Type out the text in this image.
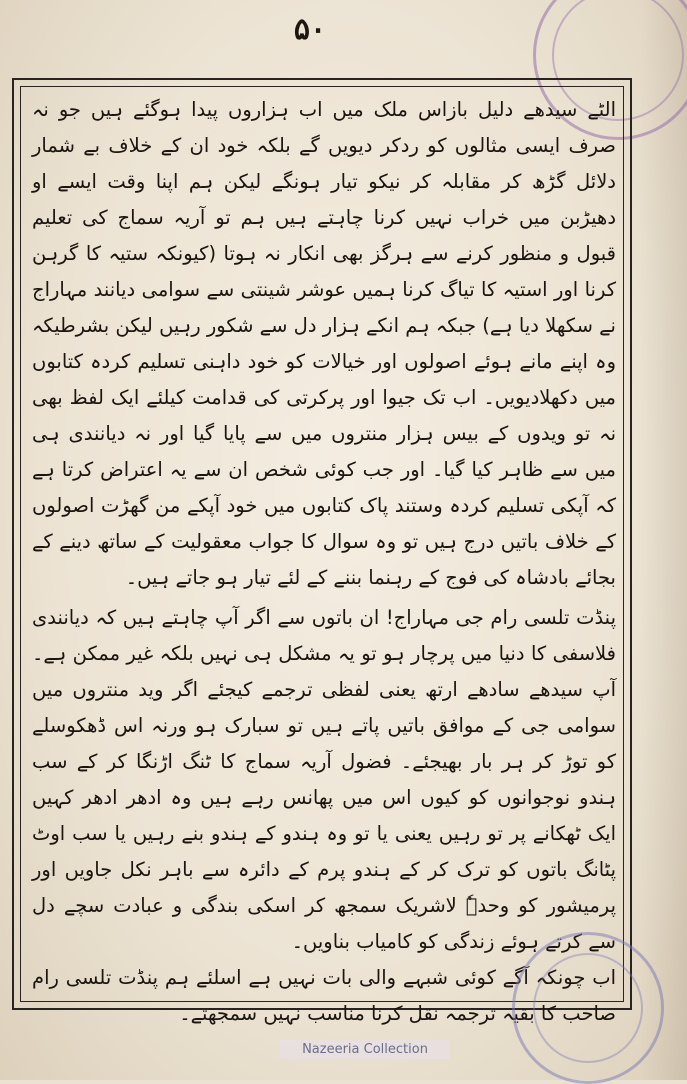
۵۰

الٹے سیدھے دلیل بازاس ملک میں اب ہزاروں پیدا ہوگئے ہیں جو نہ صرف ایسی مثالوں کو ردکر دیویں گے بلکہ خود ان کے خلاف بے شمار دلائل گڑھ کر مقابلہ کر نیکو تیار ہونگے لیکن ہم اپنا وقت ایسے او دھیڑبن میں خراب نہیں کرنا چاہتے ہیں ہم تو آریہ سماج کی تعلیم قبول و منظور کرنے سے ہرگز بھی انکار نہ ہوتا (کیونکہ ستیہ کا گرہن کرنا اور استیہ کا تیاگ کرنا ہمیں عوشر شینتی سے سوامی دیانند مہاراج نے سکھلا دیا ہے) جبکہ ہم انکے ہزار دل سے شکور رہیں لیکن بشرطیکہ وہ اپنے مانے ہوئے اصولوں اور خیالات کو خود داہنی تسلیم کردہ کتابوں میں دکھلادیویں۔ اب تک جیوا اور پرکرتی کی قدامت کیلئے ایک لفظ بھی نہ تو ویدوں کے بیس ہزار منتروں میں سے پایا گیا اور نہ دیانندی ہی میں سے ظاہر کیا گیا۔ اور جب کوئی شخص ان سے یہ اعتراض کرتا ہے کہ آپکی تسلیم کردہ وستند پاک کتابوں میں خود آپکے من گھڑت اصولوں کے خلاف باتیں درج ہیں تو وہ سوال کا جواب معقولیت کے ساتھ دینے کے بجائے بادشاہ کی فوج کے رہنما بننے کے لئے تیار ہو جاتے ہیں۔

پنڈت تلسی رام جی مہاراج! ان باتوں سے اگر آپ چاہتے ہیں کہ دیانندی فلاسفی کا دنیا میں پرچار ہو تو یہ مشکل ہی نہیں بلکہ غیر ممکن ہے۔ آپ سیدھے سادھے ارتھ یعنی لفظی ترجمے کیجئے اگر وید منتروں میں سوامی جی کے موافق باتیں پاتے ہیں تو سبارک ہو ورنہ اس ڈھکوسلے کو توڑ کر ہر بار بھیجئے۔ فضول آریہ سماج کا ٹنگ اڑنگا کر کے سب ہندو نوجوانوں کو کیوں اس میں پھانس رہے ہیں وہ ادھر ادھر کہیں ایک ٹھکانے پر تو رہیں یعنی یا تو وہ ہندو کے ہندو بنے رہیں یا سب اوٹ پٹانگ باتوں کو ترک کر کے ہندو پرم کے دائرہ سے باہر نکل جاویں اور پرمیشور کو وحدہٗ لاشریک سمجھ کر اسکی بندگی و عبادت سچے دل سے کرتے ہوئے زندگی کو کامیاب بناویں۔

اب چونکہ آگے کوئی شبہے والی بات نہیں ہے اسلئے ہم پنڈت تلسی رام صاحب کا بقیہ ترجمہ نقل کرنا مناسب نہیں سمجھتے۔

Nazeeria Collection
